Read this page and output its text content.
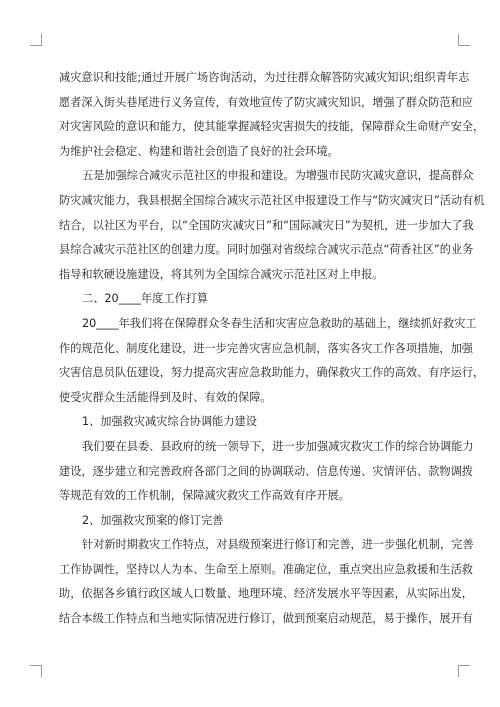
减灾意识和技能;通过开展广场咨询活动，为过往群众解答防灾减灾知识;组织青年志
愿者深入街头巷尾进行义务宣传，有效地宣传了防灾减灾知识，增强了群众防范和应
对灾害风险的意识和能力，使其能掌握减轻灾害损失的技能，保障群众生命财产安全，
为维护社会稳定、构建和谐社会创造了良好的社会环境。
五是加强综合减灾示范社区的申报和建设。为增强市民防灾减灾意识，提高群众
防灾减灾能力，我县根据全国综合减灾示范社区申报建设工作与“防灾减灾日”活动有机
结合，以社区为平台，以“全国防灾减灾日”和“国际减灾日”为契机，进一步加大了我
县综合减灾示范社区的创建力度。同时加强对省级综合减灾示范点“荷香社区”的业务
指导和软硬设施建设，将其列为全国综合减灾示范社区对上申报。
二、20____年度工作打算
20____年我们将在保障群众冬春生活和灾害应急救助的基础上，继续抓好救灾工
作的规范化、制度化建设，进一步完善灾害应急机制，落实各灾工作各项措施，加强
灾害信息员队伍建设，努力提高灾害应急救助能力，确保救灾工作的高效、有序运行，
使受灾群众生活能得到及时、有效的保障。
1、加强救灾减灾综合协调能力建设
我们要在县委、县政府的统一领导下，进一步加强减灾救灾工作的综合协调能力
建设，逐步建立和完善政府各部门之间的协调联动、信息传递、灾情评估、款物调拨
等规范有效的工作机制，保障减灾救灾工作高效有序开展。
2、加强救灾预案的修订完善
针对新时期救灾工作特点，对县级预案进行修订和完善，进一步强化机制，完善
工作协调性，坚持以人为本、生命至上原则。准确定位，重点突出应急救援和生活救
助，依据各乡镇行政区域人口数量、地理环境、经济发展水平等因素，从实际出发，
结合本级工作特点和当地实际情况进行修订，做到预案启动规范，易于操作，展开有
